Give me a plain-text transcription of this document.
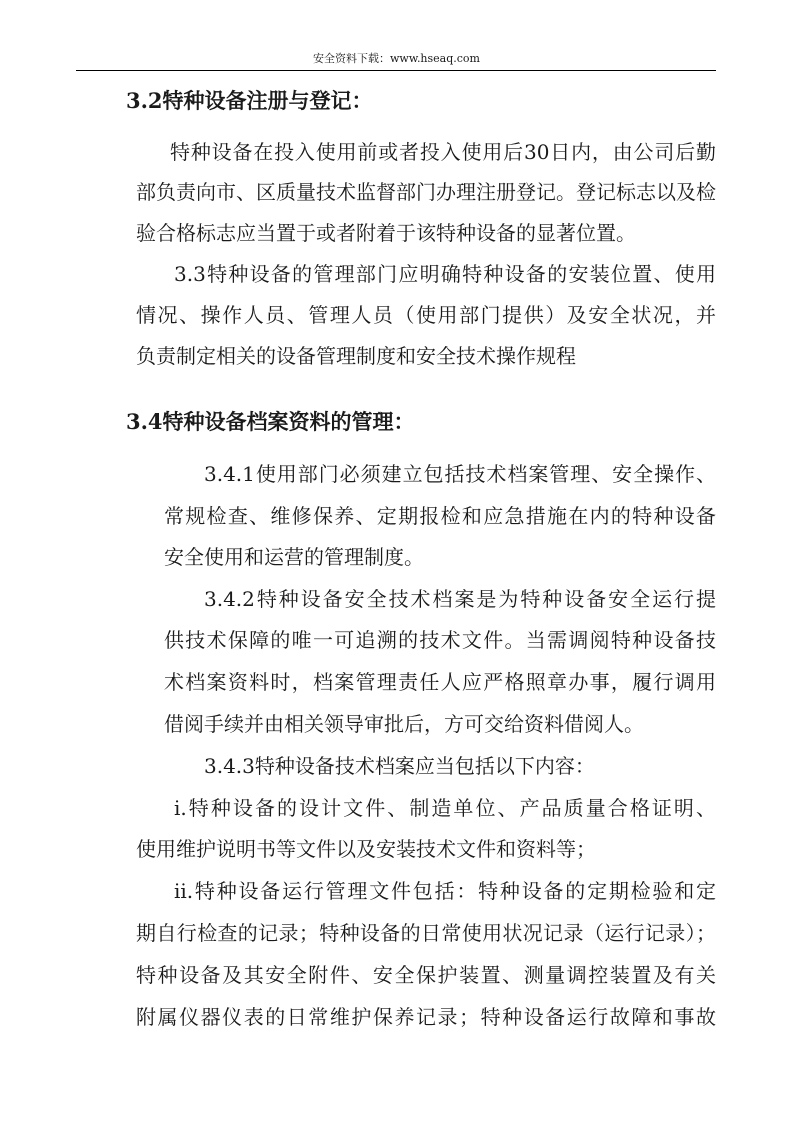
安全资料下载：www.hseaq.com
3.2特种设备注册与登记：
特种设备在投入使用前或者投入使用后30日内，由公司后勤
部负责向市、区质量技术监督部门办理注册登记。登记标志以及检
验合格标志应当置于或者附着于该特种设备的显著位置。
3.3特种设备的管理部门应明确特种设备的安装位置、使用
情况、操作人员、管理人员（使用部门提供）及安全状况，并
负责制定相关的设备管理制度和安全技术操作规程
3.4特种设备档案资料的管理：
3.4.1使用部门必须建立包括技术档案管理、安全操作、
常规检查、维修保养、定期报检和应急措施在内的特种设备
安全使用和运营的管理制度。
3.4.2特种设备安全技术档案是为特种设备安全运行提
供技术保障的唯一可追溯的技术文件。当需调阅特种设备技
术档案资料时，档案管理责任人应严格照章办事，履行调用
借阅手续并由相关领导审批后，方可交给资料借阅人。
3.4.3特种设备技术档案应当包括以下内容：
i.特种设备的设计文件、制造单位、产品质量合格证明、
使用维护说明书等文件以及安装技术文件和资料等；
ii.特种设备运行管理文件包括：特种设备的定期检验和定
期自行检查的记录；特种设备的日常使用状况记录（运行记录）；
特种设备及其安全附件、安全保护装置、测量调控装置及有关
附属仪器仪表的日常维护保养记录；特种设备运行故障和事故
